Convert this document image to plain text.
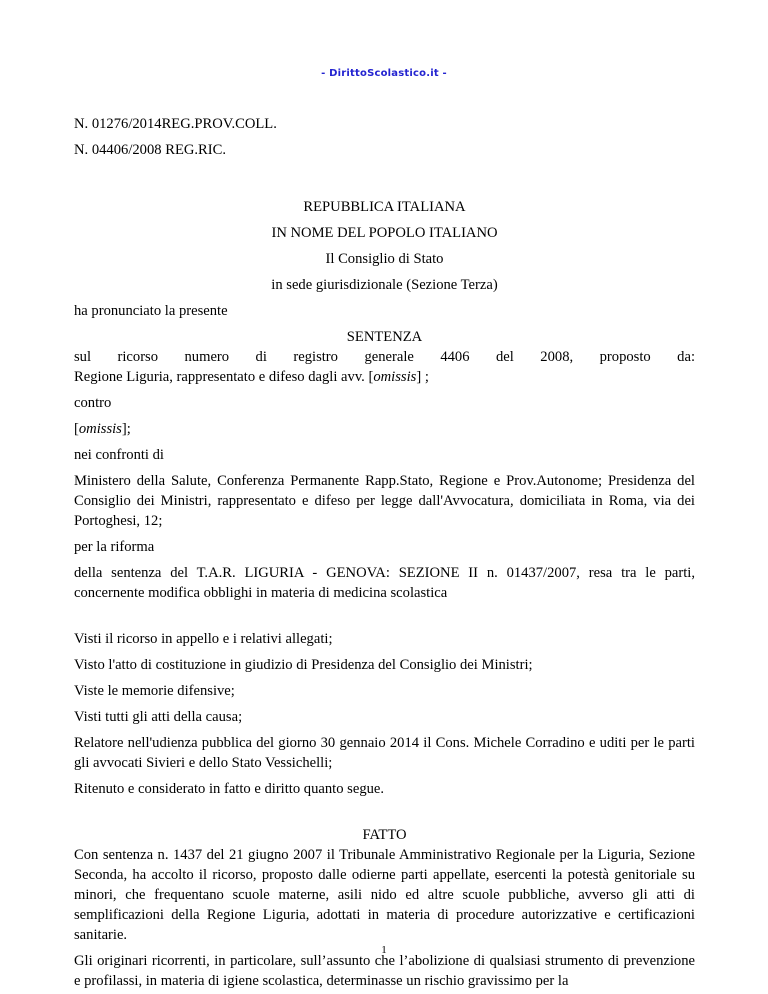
- DirittoScolastico.it -

N. 01276/2014REG.PROV.COLL.

N. 04406/2008 REG.RIC.

REPUBBLICA ITALIANA

IN NOME DEL POPOLO ITALIANO

Il Consiglio di Stato

in sede giurisdizionale (Sezione Terza)

ha pronunciato la presente

SENTENZA

sul ricorso numero di registro generale 4406 del 2008, proposto da:

Regione Liguria, rappresentato e difeso dagli avv. [omissis] ;

contro

[omissis];

nei confronti di

Ministero della Salute, Conferenza Permanente Rapp.Stato, Regione e Prov.Autonome; Presidenza del Consiglio dei Ministri, rappresentato e difeso per legge dall'Avvocatura, domiciliata in Roma, via dei Portoghesi, 12;

per la riforma

della sentenza del T.A.R. LIGURIA - GENOVA: SEZIONE II n. 01437/2007, resa tra le parti, concernente modifica obblighi in materia di medicina scolastica

Visti il ricorso in appello e i relativi allegati;

Visto l'atto di costituzione in giudizio di Presidenza del Consiglio dei Ministri;

Viste le memorie difensive;

Visti tutti gli atti della causa;

Relatore nell'udienza pubblica del giorno 30 gennaio 2014 il Cons. Michele Corradino e uditi per le parti gli avvocati Sivieri e dello Stato Vessichelli;

Ritenuto e considerato in fatto e diritto quanto segue.

FATTO

Con sentenza n. 1437 del 21 giugno 2007 il Tribunale Amministrativo Regionale per la Liguria, Sezione Seconda, ha accolto il ricorso, proposto dalle odierne parti appellate, esercenti la potestà genitoriale su minori, che frequentano scuole materne, asili nido ed altre scuole pubbliche, avverso gli atti di semplificazioni della Regione Liguria, adottati in materia di procedure autorizzative e certificazioni sanitarie.

Gli originari ricorrenti, in particolare, sull’assunto che l’abolizione di qualsiasi strumento di prevenzione e profilassi, in materia di igiene scolastica, determinasse un rischio gravissimo per la

1
